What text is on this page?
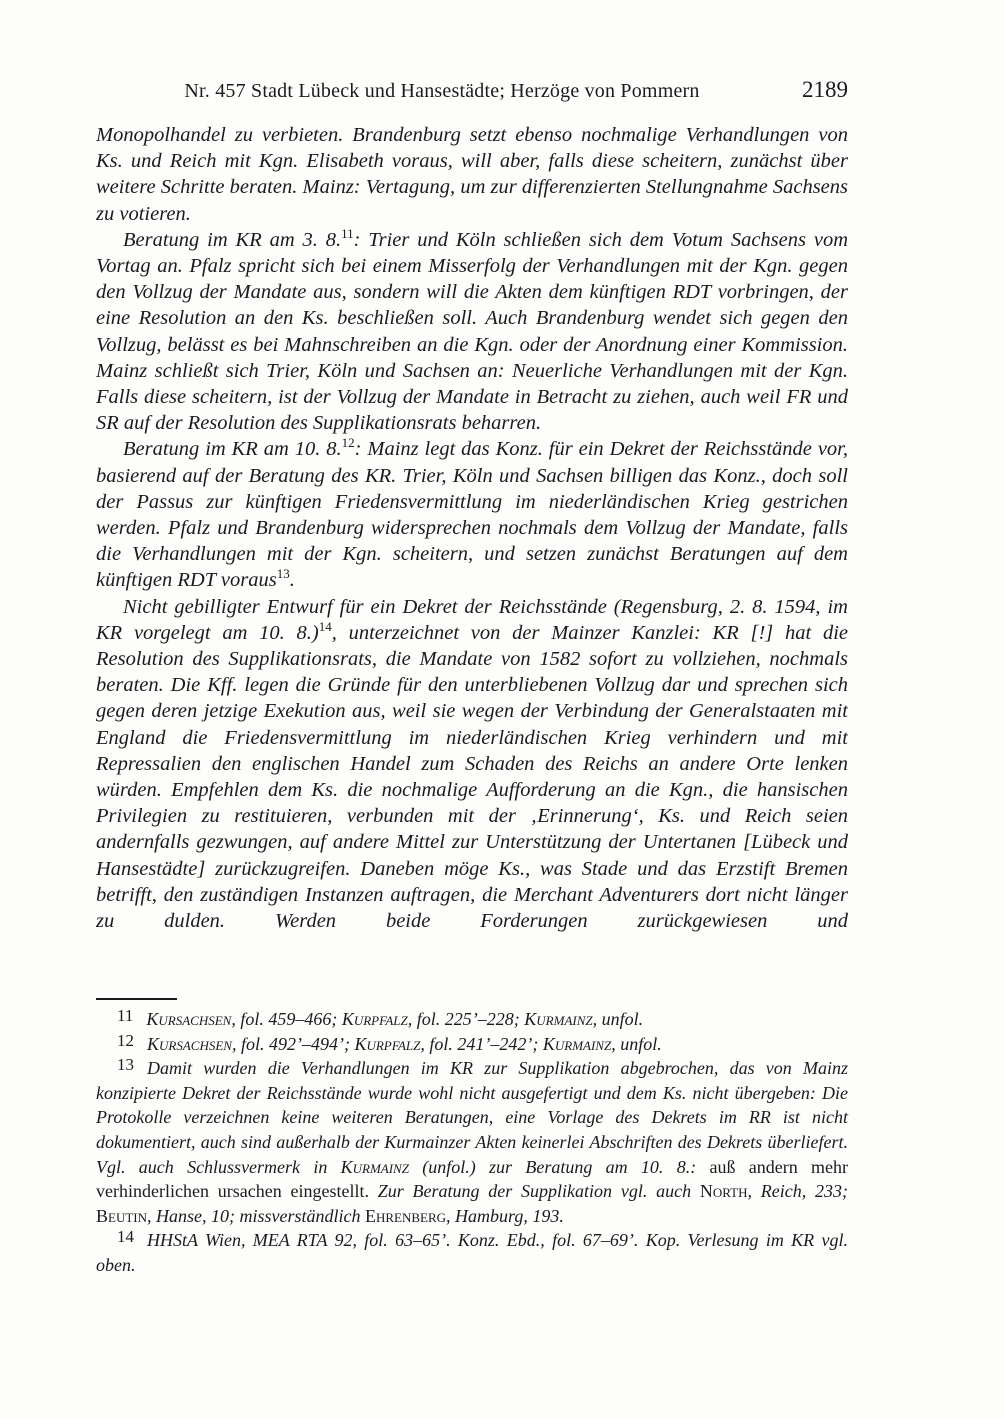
Nr. 457 Stadt Lübeck und Hansestädte; Herzöge von Pommern	2189

Monopolhandel zu verbieten. Brandenburg setzt ebenso nochmalige Verhandlungen von Ks. und Reich mit Kgn. Elisabeth voraus, will aber, falls diese scheitern, zunächst über weitere Schritte beraten. Mainz: Vertagung, um zur differenzierten Stellungnahme Sachsens zu votieren.

Beratung im KR am 3. 8.11: Trier und Köln schließen sich dem Votum Sachsens vom Vortag an. Pfalz spricht sich bei einem Misserfolg der Verhandlungen mit der Kgn. gegen den Vollzug der Mandate aus, sondern will die Akten dem künftigen RDT vorbringen, der eine Resolution an den Ks. beschließen soll. Auch Brandenburg wendet sich gegen den Vollzug, belässt es bei Mahnschreiben an die Kgn. oder der Anordnung einer Kommission. Mainz schließt sich Trier, Köln und Sachsen an: Neuerliche Verhandlungen mit der Kgn. Falls diese scheitern, ist der Vollzug der Mandate in Betracht zu ziehen, auch weil FR und SR auf der Resolution des Supplikationsrats beharren.

Beratung im KR am 10. 8.12: Mainz legt das Konz. für ein Dekret der Reichsstände vor, basierend auf der Beratung des KR. Trier, Köln und Sachsen billigen das Konz., doch soll der Passus zur künftigen Friedensvermittlung im niederländischen Krieg gestrichen werden. Pfalz und Brandenburg widersprechen nochmals dem Vollzug der Mandate, falls die Verhandlungen mit der Kgn. scheitern, und setzen zunächst Beratungen auf dem künftigen RDT voraus$^{13}$.

Nicht gebilligter Entwurf für ein Dekret der Reichsstände (Regensburg, 2. 8. 1594, im KR vorgelegt am 10. 8.)$^{14}$, unterzeichnet von der Mainzer Kanzlei: KR [!] hat die Resolution des Supplikationsrats, die Mandate von 1582 sofort zu vollziehen, nochmals beraten. Die Kff. legen die Gründe für den unterbliebenen Vollzug dar und sprechen sich gegen deren jetzige Exekution aus, weil sie wegen der Verbindung der Generalstaaten mit England die Friedensvermittlung im niederländischen Krieg verhindern und mit Repressalien den englischen Handel zum Schaden des Reichs an andere Orte lenken würden. Empfehlen dem Ks. die nochmalige Aufforderung an die Kgn., die hansischen Privilegien zu restituieren, verbunden mit der ‚Erinnerung‘, Ks. und Reich seien andernfalls gezwungen, auf andere Mittel zur Unterstützung der Untertanen [Lübeck und Hansestädte] zurückzugreifen. Daneben möge Ks., was Stade und das Erzstift Bremen betrifft, den zuständigen Instanzen auftragen, die Merchant Adventurers dort nicht länger zu dulden. Werden beide Forderungen zurückgewiesen und

11 Kursachsen, fol. 459–466; Kurpfalz, fol. 225’–228; Kurmainz, unfol.

12 Kursachsen, fol. 492’–494’; Kurpfalz, fol. 241’–242’; Kurmainz, unfol.

13 Damit wurden die Verhandlungen im KR zur Supplikation abgebrochen, das von Mainz konzipierte Dekret der Reichsstände wurde wohl nicht ausgefertigt und dem Ks. nicht übergeben: Die Protokolle verzeichnen keine weiteren Beratungen, eine Vorlage des Dekrets im RR ist nicht dokumentiert, auch sind außerhalb der Kurmainzer Akten keinerlei Abschriften des Dekrets überliefert. Vgl. auch Schlussvermerk in Kurmainz (unfol.) zur Beratung am 10. 8.: auß andern mehr verhinderlichen ursachen eingestellt. Zur Beratung der Supplikation vgl. auch North, Reich, 233; Beutin, Hanse, 10; missverständlich Ehrenberg, Hamburg, 193.

14 HHStA Wien, MEA RTA 92, fol. 63–65’. Konz. Ebd., fol. 67–69’. Kop. Verlesung im KR vgl. oben.
